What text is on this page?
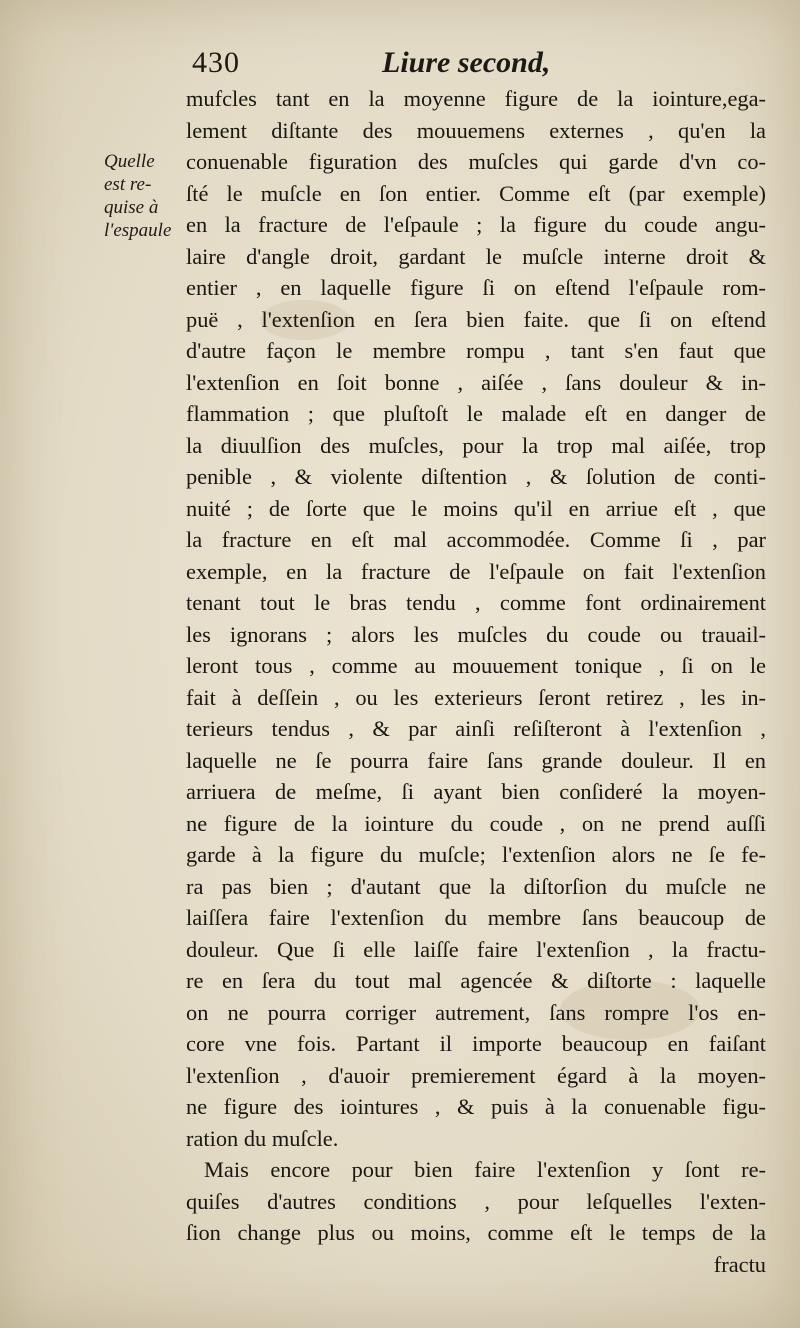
430	Liure second,
Quelle
est re-
quise à
l'espaule
mufcles tant en la moyenne figure de la iointure,ega-
lement diſtante des mouuemens externes , qu'en la
conuenable figuration des muſcles qui garde d'vn co-
ſté le muſcle en ſon entier. Comme eſt (par exemple)
en la fracture de l'eſpaule ; la figure du coude angu-
laire d'angle droit, gardant le muſcle interne droit &
entier , en laquelle figure ſi on eſtend l'eſpaule rom-
puë , l'extenſion en ſera bien faite. que ſi on eſtend
d'autre façon le membre rompu , tant s'en faut que
l'extenſion en ſoit bonne , aiſée , ſans douleur & in-
flammation ; que pluſtoſt le malade eſt en danger de
la diuulſion des muſcles, pour la trop mal aiſée, trop
penible , & violente diſtention , & ſolution de conti-
nuité ; de ſorte que le moins qu'il en arriue eſt , que
la fracture en eſt mal accommodée. Comme ſi , par
exemple, en la fracture de l'eſpaule on fait l'extenſion
tenant tout le bras tendu , comme font ordinairement
les ignorans ; alors les muſcles du coude ou trauail-
leront tous , comme au mouuement tonique , ſi on le
fait à deſſein , ou les exterieurs ſeront retirez , les in-
terieurs tendus , & par ainſi reſiſteront à l'extenſion ,
laquelle ne ſe pourra faire ſans grande douleur. Il en
arriuera de meſme, ſi ayant bien conſideré la moyen-
ne figure de la iointure du coude , on ne prend auſſi
garde à la figure du muſcle; l'extenſion alors ne ſe fe-
ra pas bien ; d'autant que la diſtorſion du muſcle ne
laiſſera faire l'extenſion du membre ſans beaucoup de
douleur. Que ſi elle laiſſe faire l'extenſion , la fractu-
re en ſera du tout mal agencée & diſtorte : laquelle
on ne pourra corriger autrement, ſans rompre l'os en-
core vne fois. Partant il importe beaucoup en faiſant
l'extenſion , d'auoir premierement égard à la moyen-
ne figure des iointures , & puis à la conuenable figu-
ration du muſcle.
Mais encore pour bien faire l'extenſion y ſont re-
quiſes d'autres conditions , pour leſquelles l'exten-
ſion change plus ou moins, comme eſt le temps de la
fractu
